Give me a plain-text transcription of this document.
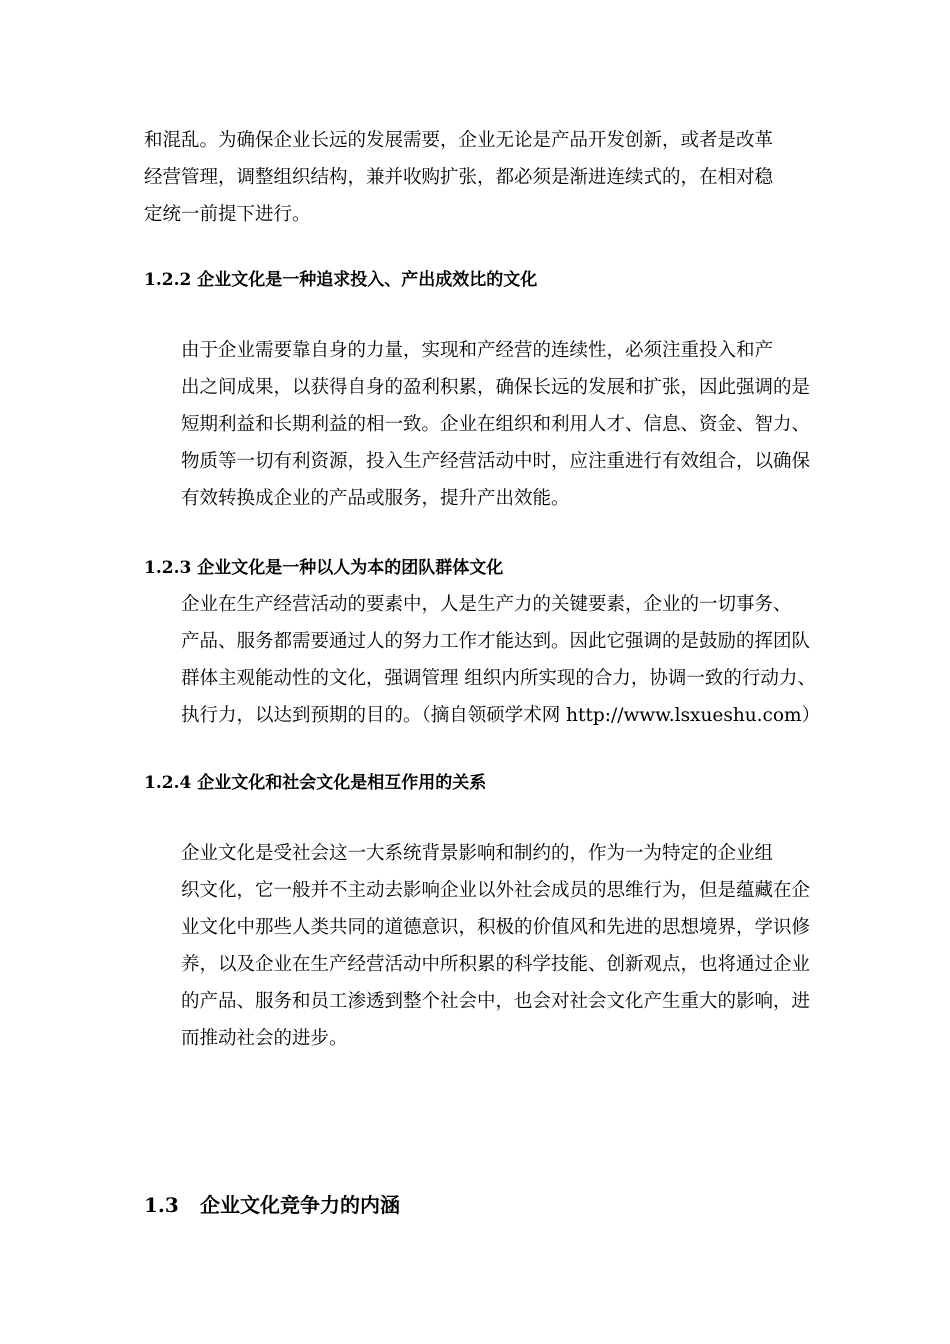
和混乱。为确保企业长远的发展需要，企业无论是产品开发创新，或者是改革
经营管理，调整组织结构，兼并收购扩张，都必须是渐进连续式的，在相对稳
定统一前提下进行。

1.2.2 企业文化是一种追求投入、产出成效比的文化

由于企业需要靠自身的力量，实现和产经营的连续性，必须注重投入和产
出之间成果，以获得自身的盈利积累，确保长远的发展和扩张，因此强调的是
短期利益和长期利益的相一致。企业在组织和利用人才、信息、资金、智力、
物质等一切有利资源，投入生产经营活动中时，应注重进行有效组合，以确保
有效转换成企业的产品或服务，提升产出效能。

1.2.3 企业文化是一种以人为本的团队群体文化

企业在生产经营活动的要素中，人是生产力的关键要素，企业的一切事务、
产品、服务都需要通过人的努力工作才能达到。因此它强调的是鼓励的挥团队
群体主观能动性的文化，强调管理 组织内所实现的合力，协调一致的行动力、
执行力，以达到预期的目的。（摘自领硕学术网 http://www.lsxueshu.com）

1.2.4 企业文化和社会文化是相互作用的关系

企业文化是受社会这一大系统背景影响和制约的，作为一为特定的企业组
织文化，它一般并不主动去影响企业以外社会成员的思维行为，但是蕴藏在企
业文化中那些人类共同的道德意识，积极的价值风和先进的思想境界，学识修
养，以及企业在生产经营活动中所积累的科学技能、创新观点，也将通过企业
的产品、服务和员工渗透到整个社会中，也会对社会文化产生重大的影响，进
而推动社会的进步。

1.3 企业文化竞争力的内涵
